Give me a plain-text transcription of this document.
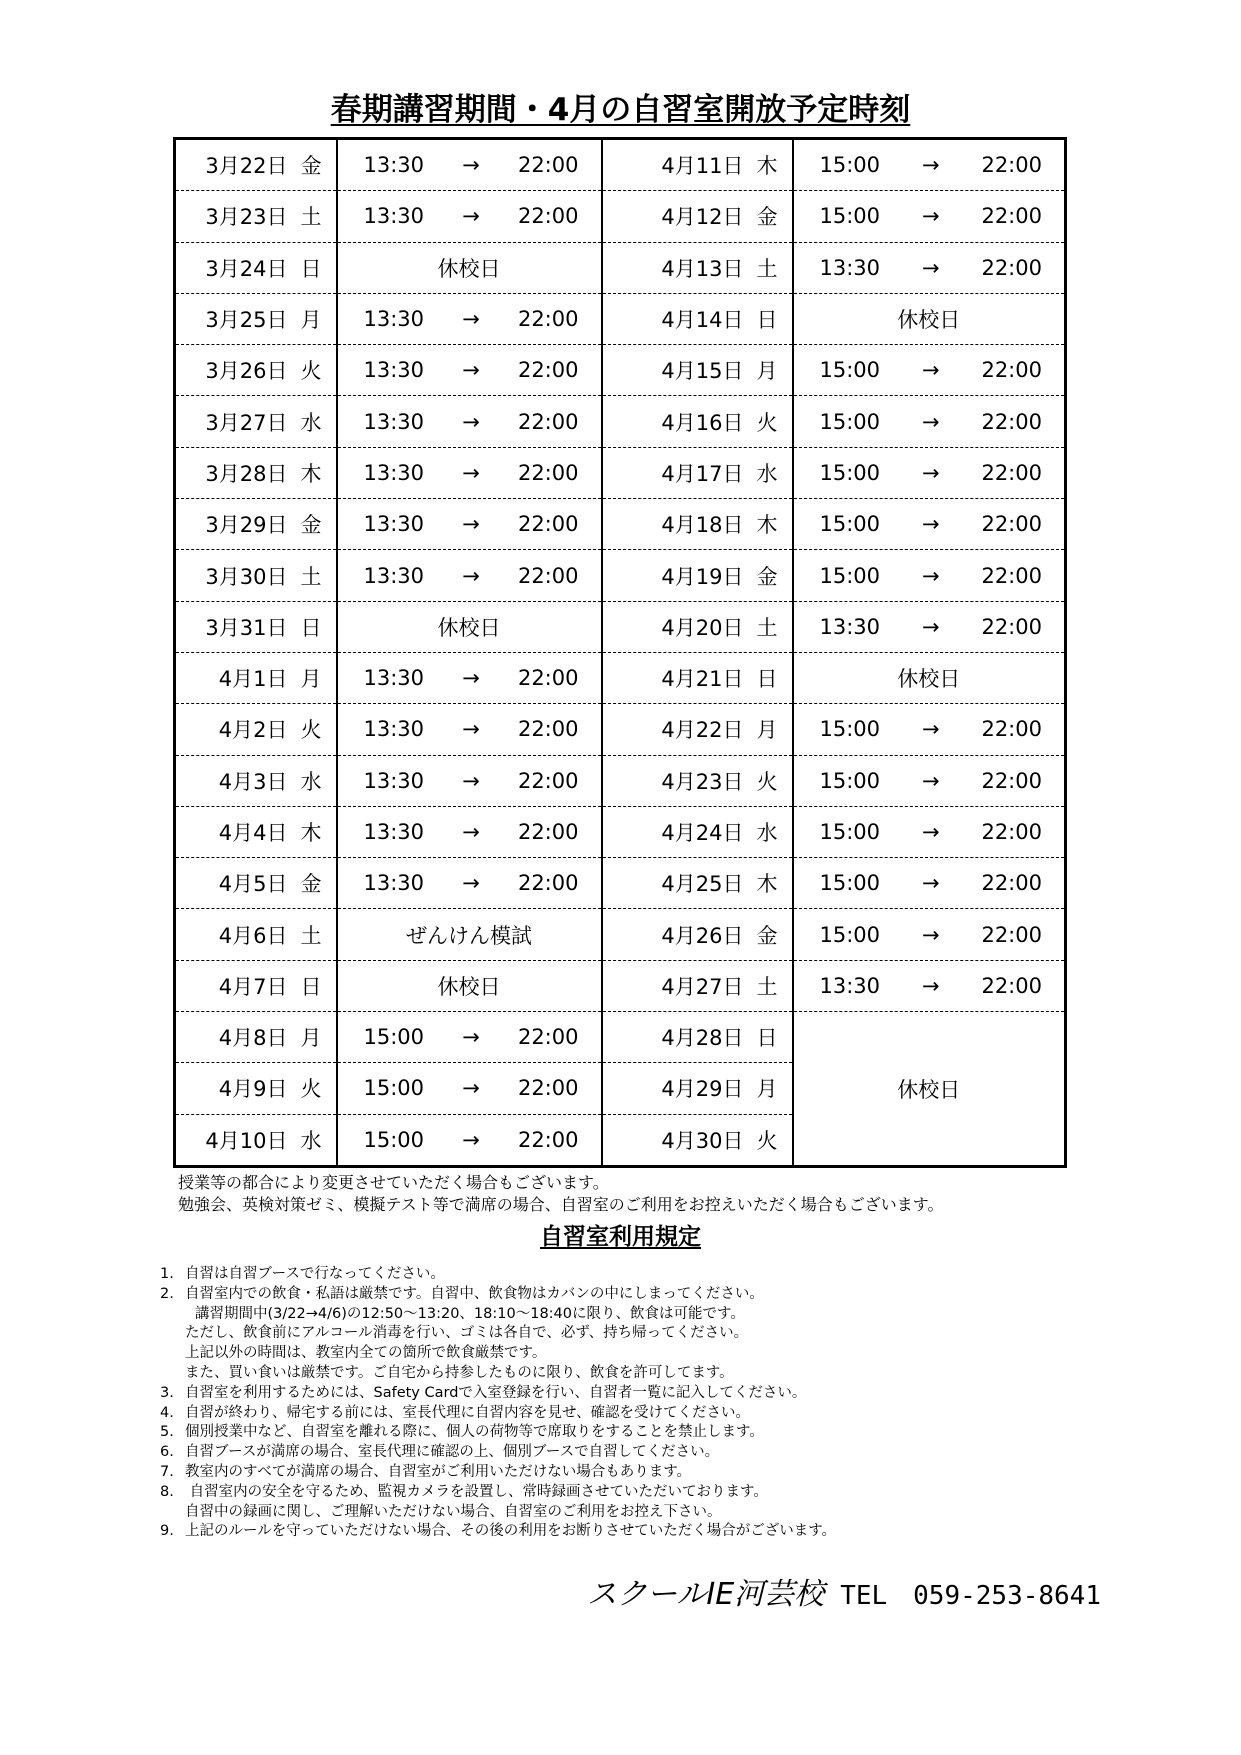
春期講習期間・4月の自習室開放予定時刻
3月22日 金	13:30 → 22:00	4月11日 木	15:00 → 22:00

3月23日 土	13:30 → 22:00	4月12日 金	15:00 → 22:00

3月24日 日	休校日	4月13日 土	13:30 → 22:00

3月25日 月	13:30 → 22:00	4月14日 日	休校日

3月26日 火	13:30 → 22:00	4月15日 月	15:00 → 22:00

3月27日 水	13:30 → 22:00	4月16日 火	15:00 → 22:00

3月28日 木	13:30 → 22:00	4月17日 水	15:00 → 22:00

3月29日 金	13:30 → 22:00	4月18日 木	15:00 → 22:00

3月30日 土	13:30 → 22:00	4月19日 金	15:00 → 22:00

3月31日 日	休校日	4月20日 土	13:30 → 22:00

4月1日 月	13:30 → 22:00	4月21日 日	休校日

4月2日 火	13:30 → 22:00	4月22日 月	15:00 → 22:00

4月3日 水	13:30 → 22:00	4月23日 火	15:00 → 22:00

4月4日 木	13:30 → 22:00	4月24日 水	15:00 → 22:00

4月5日 金	13:30 → 22:00	4月25日 木	15:00 → 22:00

4月6日 土	ぜんけん模試	4月26日 金	15:00 → 22:00

4月7日 日	休校日	4月27日 土	13:30 → 22:00

4月8日 月	15:00 → 22:00	4月28日 日	休校日
4月9日 火	15:00 → 22:00	4月29日 月	
4月10日 水	15:00 → 22:00	4月30日 火	
授業等の都合により変更させていただく場合もございます。
勉強会、英検対策ゼミ、模擬テスト等で満席の場合、自習室のご利用をお控えいただく場合もございます。
自習室利用規定
1. 自習は自習ブースで行なってください。
2. 自習室内での飲食・私語は厳禁です。自習中、飲食物はカバンの中にしまってください。
講習期間中(3/22→4/6)の12:50～13:20、18:10～18:40に限り、飲食は可能です。
ただし、飲食前にアルコール消毒を行い、ゴミは各自で、必ず、持ち帰ってください。
上記以外の時間は、教室内全ての箇所で飲食厳禁です。
また、買い食いは厳禁です。ご自宅から持参したものに限り、飲食を許可してます。
3. 自習室を利用するためには、Safety Cardで入室登録を行い、自習者一覧に記入してください。
4. 自習が終わり、帰宅する前には、室長代理に自習内容を見せ、確認を受けてください。
5. 個別授業中など、自習室を離れる際に、個人の荷物等で席取りをすることを禁止します。
6. 自習ブースが満席の場合、室長代理に確認の上、個別ブースで自習してください。
7. 教室内のすべてが満席の場合、自習室がご利用いただけない場合もあります。
8. 自習室内の安全を守るため、監視カメラを設置し、常時録画させていただいております。
自習中の録画に関し、ご理解いただけない場合、自習室のご利用をお控え下さい。
9. 上記のルールを守っていただけない場合、その後の利用をお断りさせていただく場合がございます。
スクールIE河芸校 TEL　059-253-8641
